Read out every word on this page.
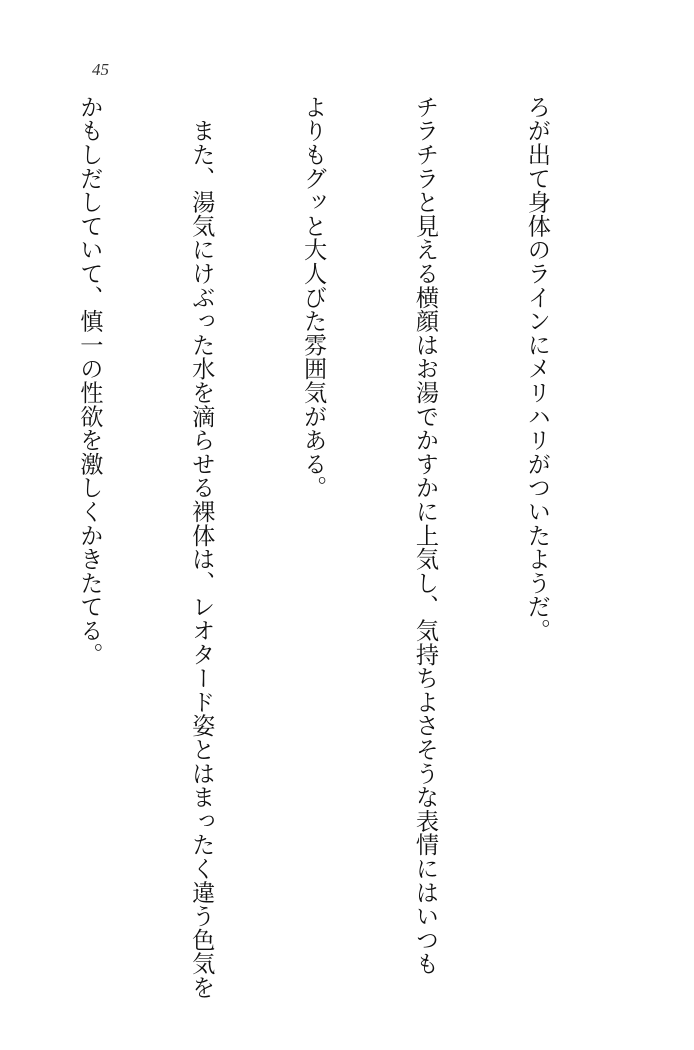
45

ろが出て身体のラインにメリハリがついたようだ。

チラチラと見える横顔はお湯でかすかに上気し、気持ちよさそうな表情にはいつも

よりもグッと大人びた雰囲気がある。

　また、湯気にけぶった水を滴らせる裸体は、レオタード姿とはまったく違う色気を

かもしだしていて、慎一の性欲を激しくかきたてる。
